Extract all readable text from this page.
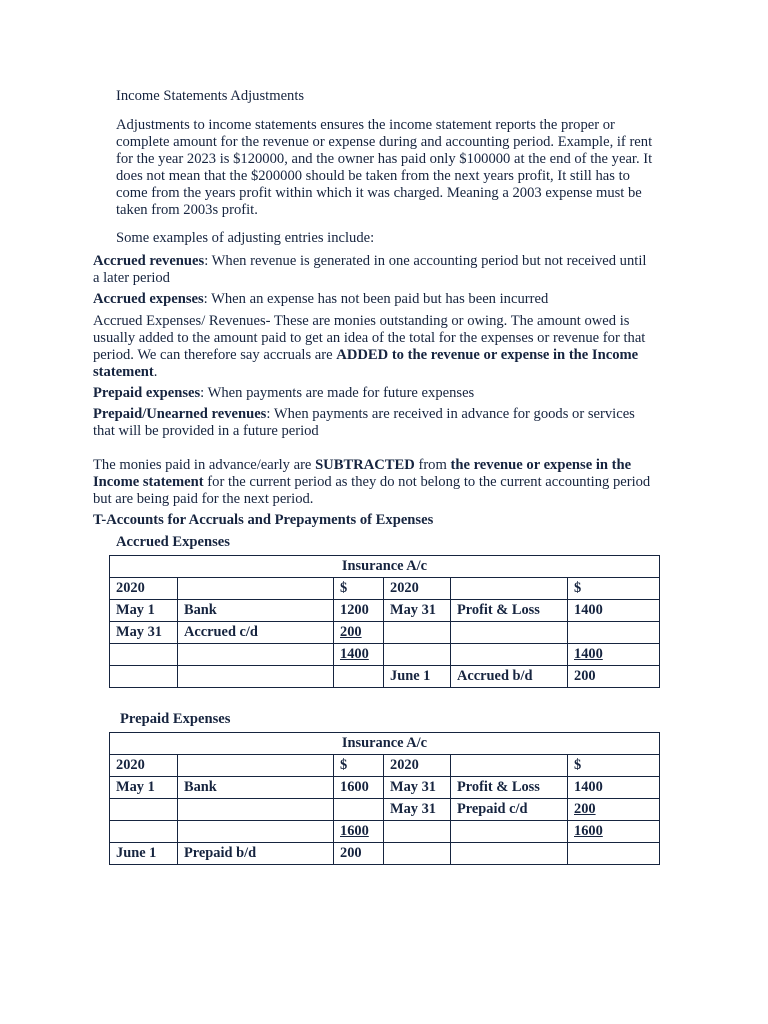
Income Statements Adjustments

Adjustments to income statements ensures the income statement reports the proper or complete amount for the revenue or expense during and accounting period. Example, if rent for the year 2023 is $120000, and the owner has paid only $100000 at the end of the year. It does not mean that the $200000 should be taken from the next years profit, It still has to come from the years profit within which it was charged. Meaning a 2003 expense must be taken from 2003s profit.

Some examples of adjusting entries include:

Accrued revenues: When revenue is generated in one accounting period but not received until a later period

Accrued expenses: When an expense has not been paid but has been incurred

Accrued Expenses/ Revenues- These are monies outstanding or owing. The amount owed is usually added to the amount paid to get an idea of the total for the expenses or revenue for that period. We can therefore say accruals are ADDED to the revenue or expense in the Income statement.

Prepaid expenses: When payments are made for future expenses

Prepaid/Unearned revenues: When payments are received in advance for goods or services that will be provided in a future period

The monies paid in advance/early are SUBTRACTED from the revenue or expense in the Income statement for the current period as they do not belong to the current accounting period but are being paid for the next period.

T-Accounts for Accruals and Prepayments of Expenses

Accrued Expenses

Insurance A/c					
2020		$	2020		$
May 1	Bank	1200	May 31	Profit & Loss	1400
May 31	Accrued c/d	200			
		1400			1400
			June 1	Accrued b/d	200

Prepaid Expenses

Insurance A/c					
2020		$	2020		$
May 1	Bank	1600	May 31	Profit & Loss	1400
			May 31	Prepaid c/d	200
		1600			1600
June 1	Prepaid b/d	200			
